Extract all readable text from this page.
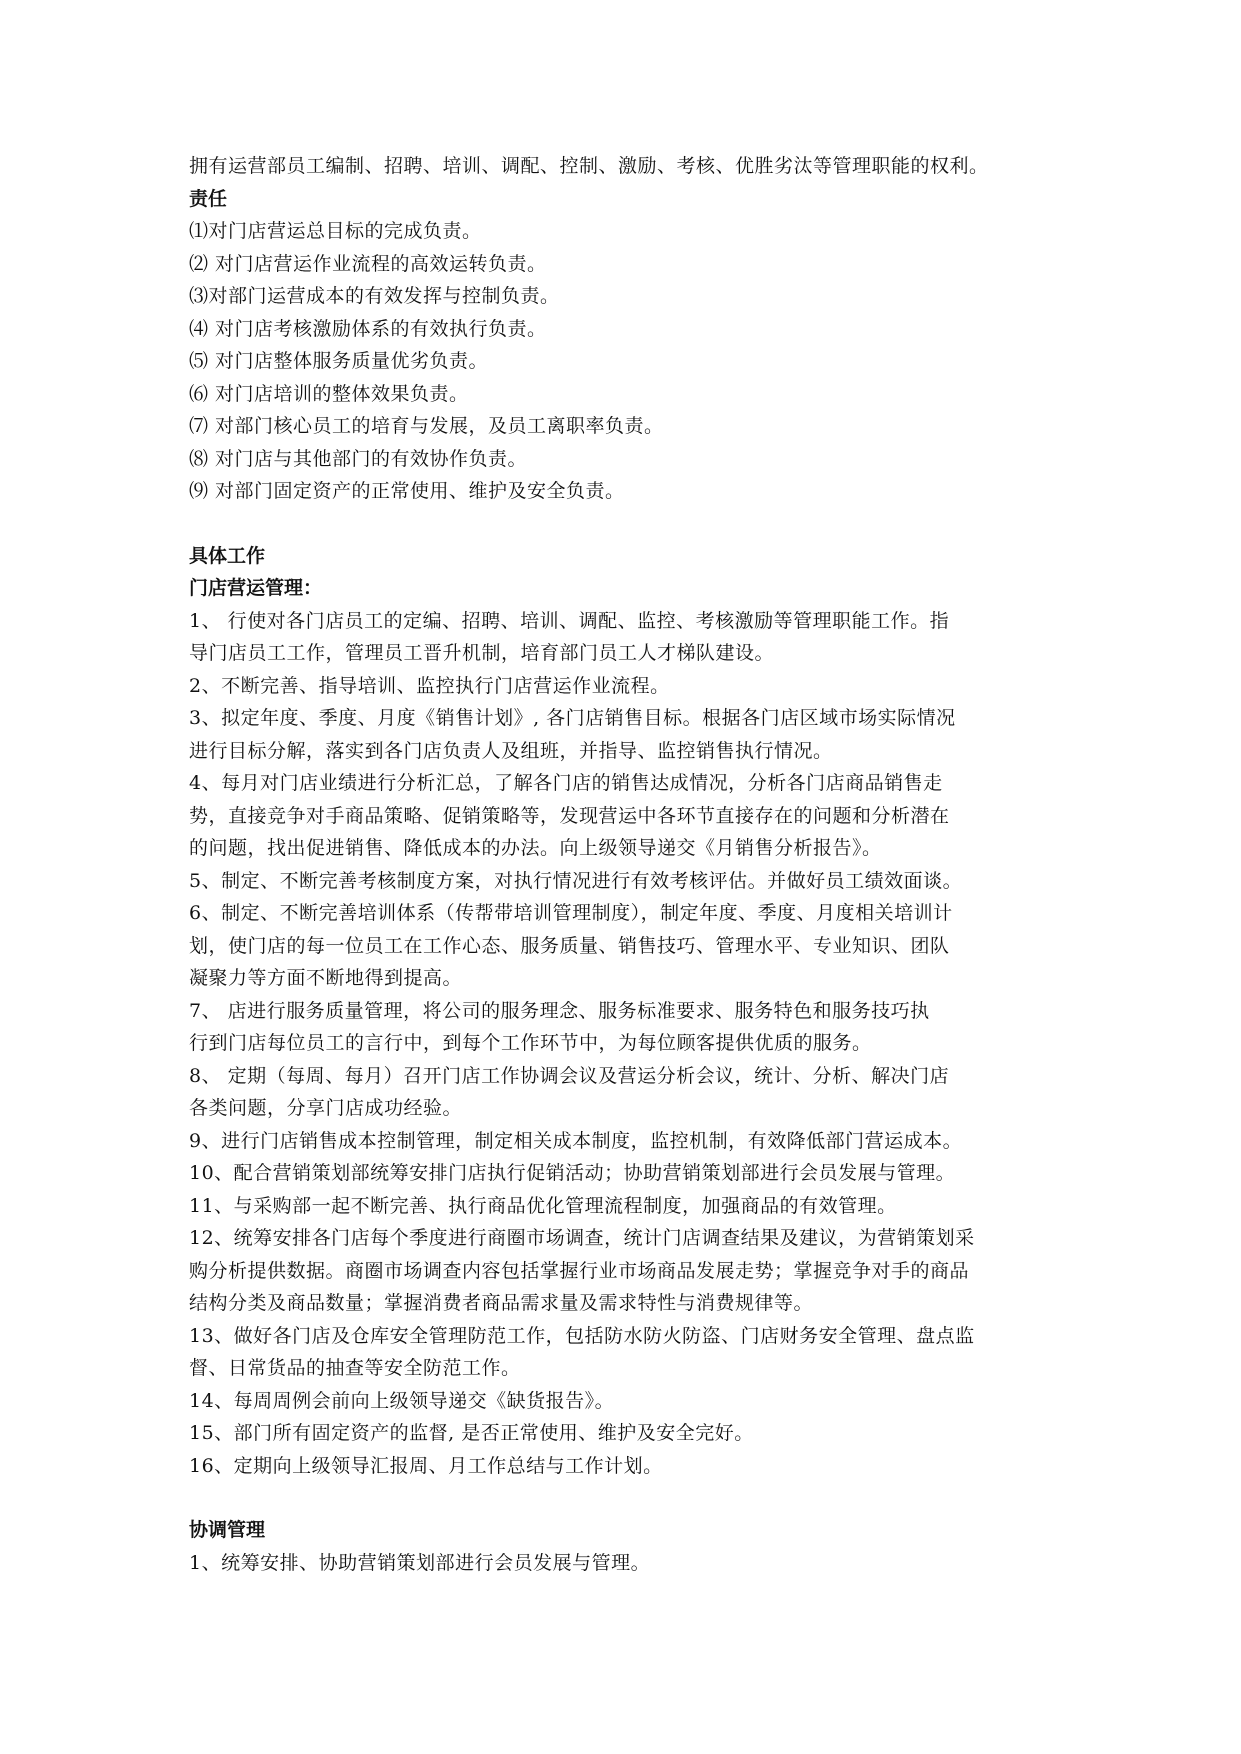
拥有运营部员工编制、招聘、培训、调配、控制、激励、考核、优胜劣汰等管理职能的权利。
责任
⑴对门店营运总目标的完成负责。
⑵ 对门店营运作业流程的高效运转负责。
⑶对部门运营成本的有效发挥与控制负责。
⑷ 对门店考核激励体系的有效执行负责。
⑸ 对门店整体服务质量优劣负责。
⑹ 对门店培训的整体效果负责。
⑺ 对部门核心员工的培育与发展，及员工离职率负责。
⑻ 对门店与其他部门的有效协作负责。
⑼ 对部门固定资产的正常使用、维护及安全负责。
具体工作
门店营运管理：
1、 行使对各门店员工的定编、招聘、培训、调配、监控、考核激励等管理职能工作。指
导门店员工工作，管理员工晋升机制，培育部门员工人才梯队建设。
2、不断完善、指导培训、监控执行门店营运作业流程。
3、拟定年度、季度、月度《销售计划》, 各门店销售目标。根据各门店区域市场实际情况
进行目标分解，落实到各门店负责人及组班，并指导、监控销售执行情况。
4、每月对门店业绩进行分析汇总，了解各门店的销售达成情况，分析各门店商品销售走
势，直接竞争对手商品策略、促销策略等，发现营运中各环节直接存在的问题和分析潜在
的问题，找出促进销售、降低成本的办法。向上级领导递交《月销售分析报告》。
5、制定、不断完善考核制度方案，对执行情况进行有效考核评估。并做好员工绩效面谈。
6、制定、不断完善培训体系（传帮带培训管理制度），制定年度、季度、月度相关培训计
划，使门店的每一位员工在工作心态、服务质量、销售技巧、管理水平、专业知识、团队
凝聚力等方面不断地得到提高。
7、 店进行服务质量管理，将公司的服务理念、服务标准要求、服务特色和服务技巧执
行到门店每位员工的言行中，到每个工作环节中，为每位顾客提供优质的服务。
8、 定期（每周、每月）召开门店工作协调会议及营运分析会议，统计、分析、解决门店
各类问题，分享门店成功经验。
9、进行门店销售成本控制管理，制定相关成本制度，监控机制，有效降低部门营运成本。
10、配合营销策划部统筹安排门店执行促销活动；协助营销策划部进行会员发展与管理。
11、与采购部一起不断完善、执行商品优化管理流程制度，加强商品的有效管理。
12、统筹安排各门店每个季度进行商圈市场调查，统计门店调查结果及建议，为营销策划采
购分析提供数据。商圈市场调查内容包括掌握行业市场商品发展走势；掌握竞争对手的商品
结构分类及商品数量；掌握消费者商品需求量及需求特性与消费规律等。
13、做好各门店及仓库安全管理防范工作，包括防水防火防盗、门店财务安全管理、盘点监
督、日常货品的抽查等安全防范工作。
14、每周周例会前向上级领导递交《缺货报告》。
15、部门所有固定资产的监督, 是否正常使用、维护及安全完好。
16、定期向上级领导汇报周、月工作总结与工作计划。
协调管理
1、统筹安排、协助营销策划部进行会员发展与管理。
